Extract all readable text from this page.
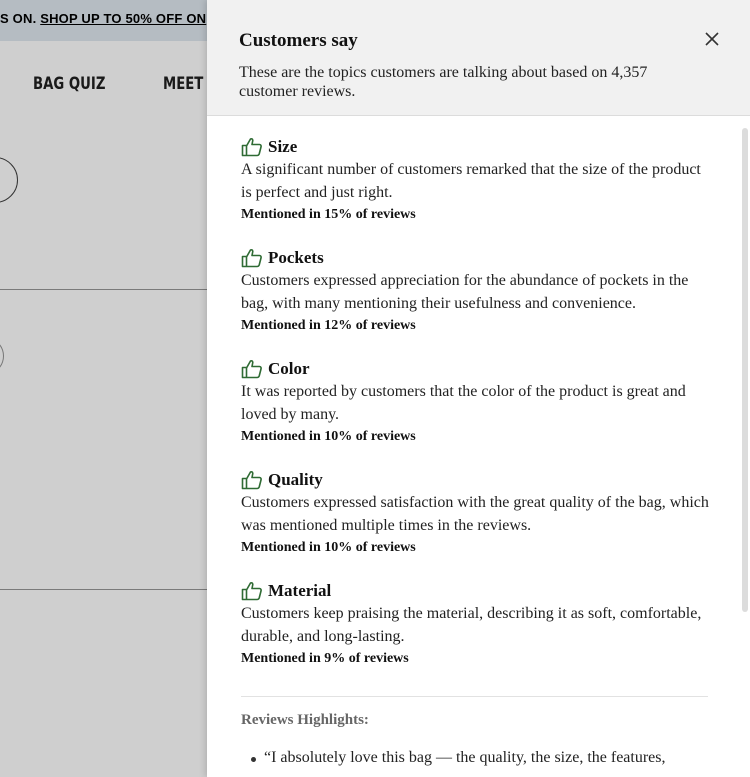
S ON. SHOP UP TO 50% OFF ON
BAG QUIZ	MEET
Customers say
These are the topics customers are talking about based on 4,357 customer reviews.
Size
A significant number of customers remarked that the size of the product is perfect and just right.
Mentioned in 15% of reviews
Pockets
Customers expressed appreciation for the abundance of pockets in the bag, with many mentioning their usefulness and convenience.
Mentioned in 12% of reviews
Color
It was reported by customers that the color of the product is great and loved by many.
Mentioned in 10% of reviews
Quality
Customers expressed satisfaction with the great quality of the bag, which was mentioned multiple times in the reviews.
Mentioned in 10% of reviews
Material
Customers keep praising the material, describing it as soft, comfortable, durable, and long-lasting.
Mentioned in 9% of reviews
Reviews Highlights:
“I absolutely love this bag — the quality, the size, the features,
